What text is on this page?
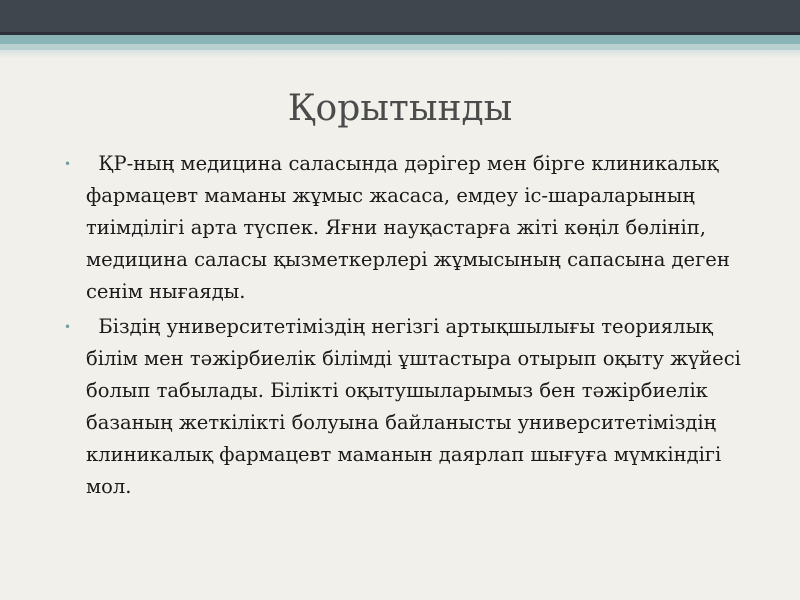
Қорытынды
• ҚР-ның медицина саласында дәрігер мен бірге клиникалық фармацевт маманы жұмыс жасаса, емдеу іс-шараларының тиімділігі арта түспек. Яғни науқастарға жіті көңіл бөлініп, медицина саласы қызметкерлері жұмысының сапасына деген сенім нығаяды.
• Біздің университетіміздің негізгі артықшылығы теориялық білім мен тәжірбиелік білімді ұштастыра отырып оқыту жүйесі болып табылады. Білікті оқытушыларымыз бен тәжірбиелік базаның жеткілікті болуына байланысты университетіміздің клиникалық фармацевт маманын даярлап шығуға мүмкіндігі мол.
